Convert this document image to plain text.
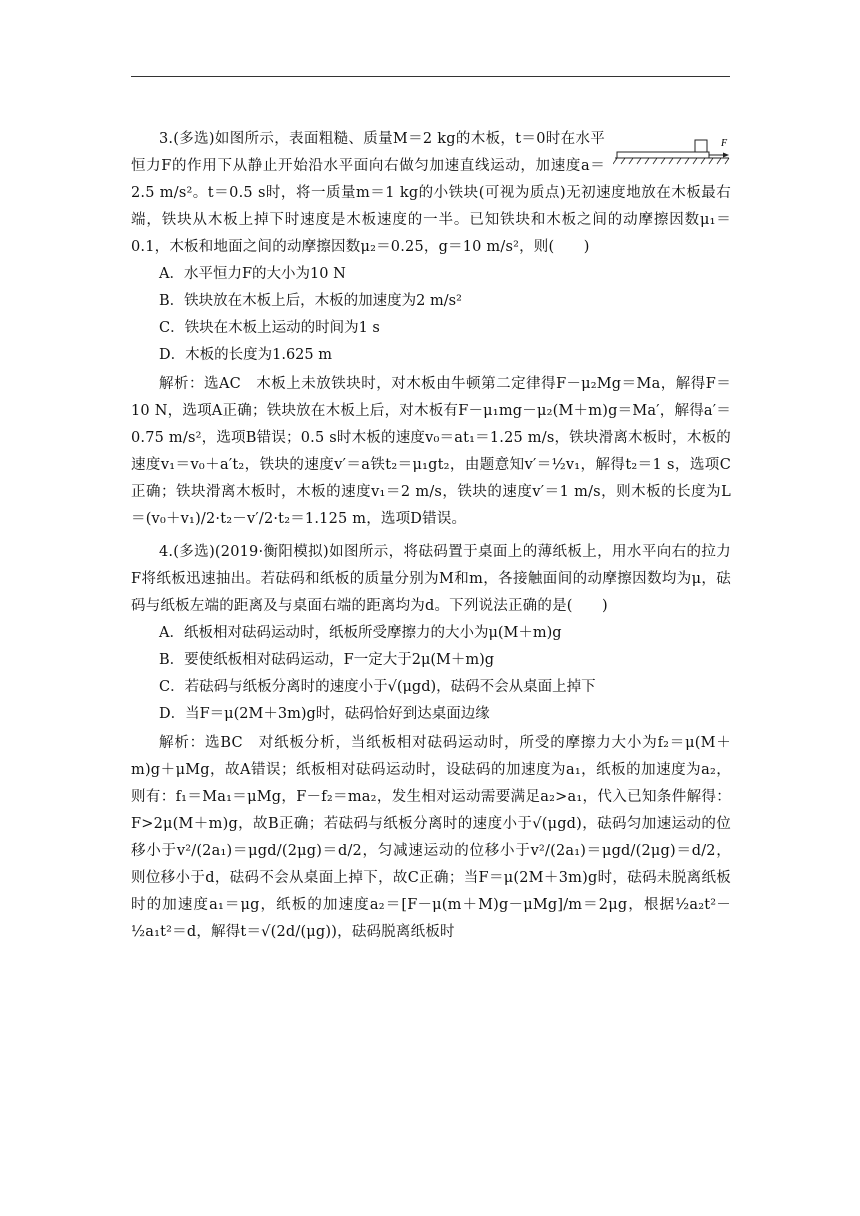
F

3.(多选)如图所示，表面粗糙、质量M＝2 kg的木板，t＝0时在水平恒力F的作用下从静止开始沿水平面向右做匀加速直线运动，加速度a＝2.5 m/s²。t＝0.5 s时，将一质量m＝1 kg的小铁块(可视为质点)无初速度地放在木板最右端，铁块从木板上掉下时速度是木板速度的一半。已知铁块和木板之间的动摩擦因数μ₁＝0.1，木板和地面之间的动摩擦因数μ₂＝0.25，g＝10 m/s²，则(　　)

A．水平恒力F的大小为10 N

B．铁块放在木板上后，木板的加速度为2 m/s²

C．铁块在木板上运动的时间为1 s

D．木板的长度为1.625 m

解析：选AC　木板上未放铁块时，对木板由牛顿第二定律得F－μ₂Mg＝Ma，解得F＝10 N，选项A正确；铁块放在木板上后，对木板有F－μ₁mg－μ₂(M＋m)g＝Ma′，解得a′＝0.75 m/s²，选项B错误；0.5 s时木板的速度v₀＝at₁＝1.25 m/s，铁块滑离木板时，木板的速度v₁＝v₀＋a′t₂，铁块的速度v′＝a铁t₂＝μ₁gt₂，由题意知v′＝½v₁，解得t₂＝1 s，选项C正确；铁块滑离木板时，木板的速度v₁＝2 m/s，铁块的速度v′＝1 m/s，则木板的长度为L＝(v₀＋v₁)/2·t₂－v′/2·t₂＝1.125 m，选项D错误。

4.(多选)(2019·衡阳模拟)如图所示，将砝码置于桌面上的薄纸板上，用水平向右的拉力F将纸板迅速抽出。若砝码和纸板的质量分别为M和m，各接触面间的动摩擦因数均为μ，砝码与纸板左端的距离及与桌面右端的距离均为d。下列说法正确的是(　　)

A．纸板相对砝码运动时，纸板所受摩擦力的大小为μ(M＋m)g

B．要使纸板相对砝码运动，F一定大于2μ(M＋m)g

C．若砝码与纸板分离时的速度小于√(μgd)，砝码不会从桌面上掉下

D．当F＝μ(2M＋3m)g时，砝码恰好到达桌面边缘

解析：选BC　对纸板分析，当纸板相对砝码运动时，所受的摩擦力大小为f₂＝μ(M＋m)g＋μMg，故A错误；纸板相对砝码运动时，设砝码的加速度为a₁，纸板的加速度为a₂，则有：f₁＝Ma₁＝μMg，F－f₂＝ma₂，发生相对运动需要满足a₂>a₁，代入已知条件解得：F>2μ(M＋m)g，故B正确；若砝码与纸板分离时的速度小于√(μgd)，砝码匀加速运动的位移小于v²/(2a₁)＝μgd/(2μg)＝d/2，匀减速运动的位移小于v²/(2a₁)＝μgd/(2μg)＝d/2，则位移小于d，砝码不会从桌面上掉下，故C正确；当F＝μ(2M＋3m)g时，砝码未脱离纸板时的加速度a₁＝μg，纸板的加速度a₂＝[F－μ(m＋M)g－μMg]/m＝2μg，根据½a₂t²－½a₁t²＝d，解得t＝√(2d/(μg))，砝码脱离纸板时
